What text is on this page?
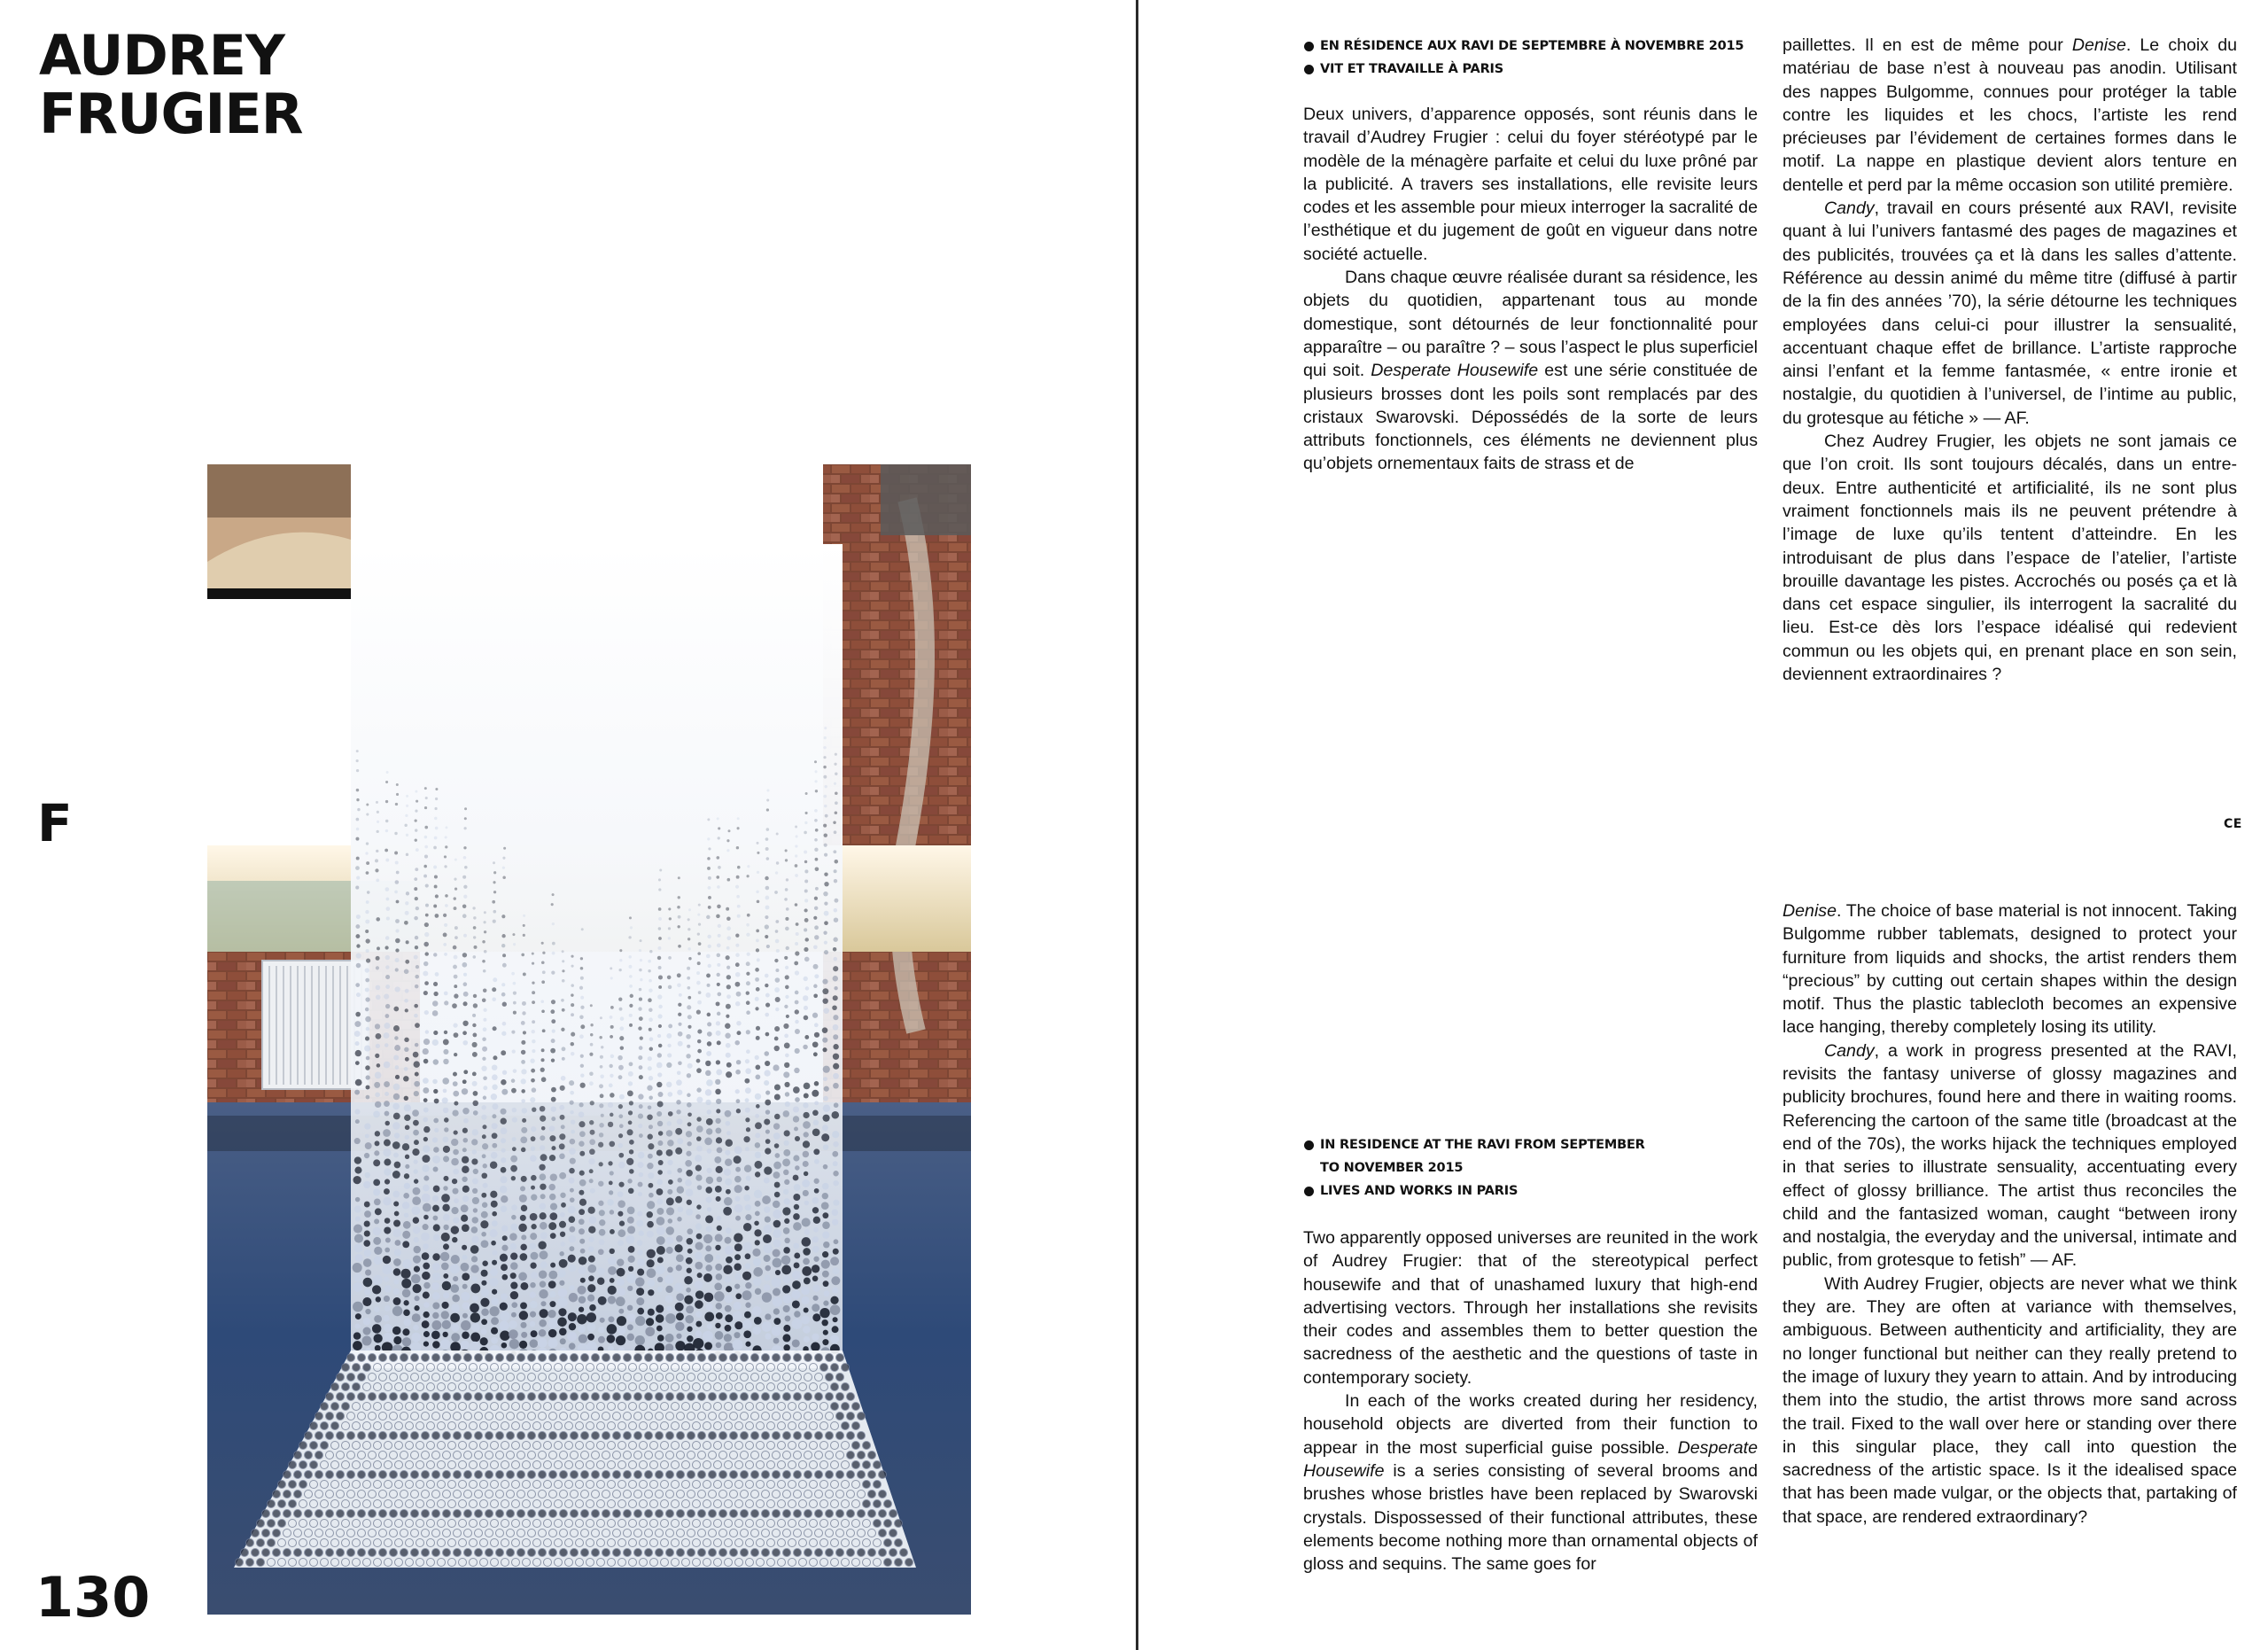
AUDREY
FRUGIER
F
130
EN RÉSIDENCE AUX RAVI DE SEPTEMBRE À NOVEMBRE 2015
VIT ET TRAVAILLE À PARIS

Deux univers, d’apparence opposés, sont réunis dans le travail d’Audrey Frugier : celui du foyer stéréotypé par le modèle de la ménagère parfaite et celui du luxe prôné par la publicité. A travers ses installations, elle revisite leurs codes et les assemble pour mieux interroger la sacralité de l’esthétique et du jugement de goût en vigueur dans notre société actuelle.

Dans chaque œuvre réalisée durant sa résidence, les objets du quotidien, appartenant tous au monde domestique, sont détournés de leur fonctionnalité pour apparaître – ou paraître ? – sous l’aspect le plus superficiel qui soit. Desperate Housewife est une série constituée de plusieurs brosses dont les poils sont remplacés par des cristaux Swarovski. Dépossédés de la sorte de leurs attributs fonctionnels, ces éléments ne deviennent plus qu’objets ornementaux faits de strass et de

paillettes. Il en est de même pour Denise. Le choix du matériau de base n’est à nouveau pas anodin. Utilisant des nappes Bulgomme, connues pour protéger la table contre les liquides et les chocs, l’artiste les rend précieuses par l’évidement de certaines formes dans le motif. La nappe en plastique devient alors tenture en dentelle et perd par la même occasion son utilité première.

Candy, travail en cours présenté aux RAVI, revisite quant à lui l’univers fantasmé des pages de magazines et des publicités, trouvées ça et là dans les salles d’attente. Référence au dessin animé du même titre (diffusé à partir de la fin des années ’70), la série détourne les techniques employées dans celui-ci pour illustrer la sensualité, accentuant chaque effet de brillance. L’artiste rapproche ainsi l’enfant et la femme fantasmée, « entre ironie et nostalgie, du quotidien à l’universel, de l’intime au public, du grotesque au fétiche » — AF.

Chez Audrey Frugier, les objets ne sont jamais ce que l’on croit. Ils sont toujours décalés, dans un entre-deux. Entre authenticité et artificialité, ils ne sont plus vraiment fonctionnels mais ils ne peuvent prétendre à l’image de luxe qu’ils tentent d’atteindre. En les introduisant de plus dans l’espace de l’atelier, l’artiste brouille davantage les pistes. Accrochés ou posés ça et là dans cet espace singulier, ils interrogent la sacralité du lieu. Est-ce dès lors l’espace idéalisé qui redevient commun ou les objets qui, en prenant place en son sein, deviennent extraordinaires ?

CE
IN RESIDENCE AT THE RAVI FROM SEPTEMBER TO NOVEMBER 2015
LIVES AND WORKS IN PARIS

Two apparently opposed universes are reunited in the work of Audrey Frugier: that of the stereotypical perfect housewife and that of unashamed luxury that high-end advertising vectors. Through her installations she revisits their codes and assembles them to better question the sacredness of the aesthetic and the questions of taste in contemporary society.

In each of the works created during her residency, household objects are diverted from their function to appear in the most superficial guise possible. Desperate Housewife is a series consisting of several brooms and brushes whose bristles have been replaced by Swarovski crystals. Dispossessed of their functional attributes, these elements become nothing more than ornamental objects of gloss and sequins. The same goes for

Denise. The choice of base material is not innocent. Taking Bulgomme rubber tablemats, designed to protect your furniture from liquids and shocks, the artist renders them “precious” by cutting out certain shapes within the design motif. Thus the plastic tablecloth becomes an expensive lace hanging, thereby completely losing its utility.

Candy, a work in progress presented at the RAVI, revisits the fantasy universe of glossy magazines and publicity brochures, found here and there in waiting rooms. Referencing the cartoon of the same title (broadcast at the end of the 70s), the works hijack the techniques employed in that series to illustrate sensuality, accentuating every effect of glossy brilliance. The artist thus reconciles the child and the fantasized woman, caught “between irony and nostalgia, the everyday and the universal, intimate and public, from grotesque to fetish” — AF.

With Audrey Frugier, objects are never what we think they are. They are often at variance with themselves, ambiguous. Between authenticity and artificiality, they are no longer functional but neither can they really pretend to the image of luxury they yearn to attain. And by introducing them into the studio, the artist throws more sand across the trail. Fixed to the wall over here or standing over there in this singular place, they call into question the sacredness of the artistic space. Is it the idealised space that has been made vulgar, or the objects that, partaking of that space, are rendered extraordinary?
